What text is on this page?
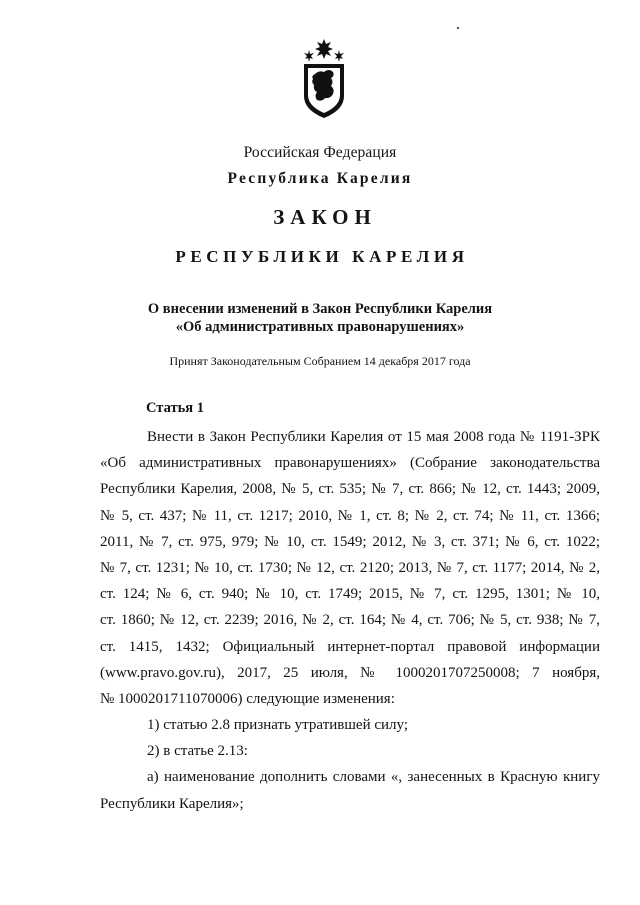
Российская Федерация
Республика Карелия
ЗАКОН
РЕСПУБЛИКИ КАРЕЛИЯ
О внесении изменений в Закон Республики Карелия
«Об административных правонарушениях»
Принят Законодательным Собранием 14 декабря 2017 года
Статья 1
Внести в Закон Республики Карелия от 15 мая 2008 года № 1191-ЗРК
«Об административных правонарушениях» (Собрание законодательства
Республики Карелия, 2008, № 5, ст. 535; № 7, ст. 866; № 12, ст. 1443; 2009,
№ 5, ст. 437; № 11, ст. 1217; 2010, № 1, ст. 8; № 2, ст. 74; № 11, ст. 1366;
2011, № 7, ст. 975, 979; № 10, ст. 1549; 2012, № 3, ст. 371; № 6, ст. 1022;
№ 7, ст. 1231; № 10, ст. 1730; № 12, ст. 2120; 2013, № 7, ст. 1177; 2014, № 2,
ст. 124; № 6, ст. 940; № 10, ст. 1749; 2015, № 7, ст. 1295, 1301; № 10,
ст. 1860; № 12, ст. 2239; 2016, № 2, ст. 164; № 4, ст. 706; № 5, ст. 938; № 7,
ст. 1415, 1432; Официальный интернет-портал правовой информации
(www.pravo.gov.ru), 2017, 25 июля, № 1000201707250008; 7 ноября,
№ 1000201711070006) следующие изменения:
1) статью 2.8 признать утратившей силу;
2) в статье 2.13:
а) наименование дополнить словами «, занесенных в Красную книгу
Республики Карелия»;
